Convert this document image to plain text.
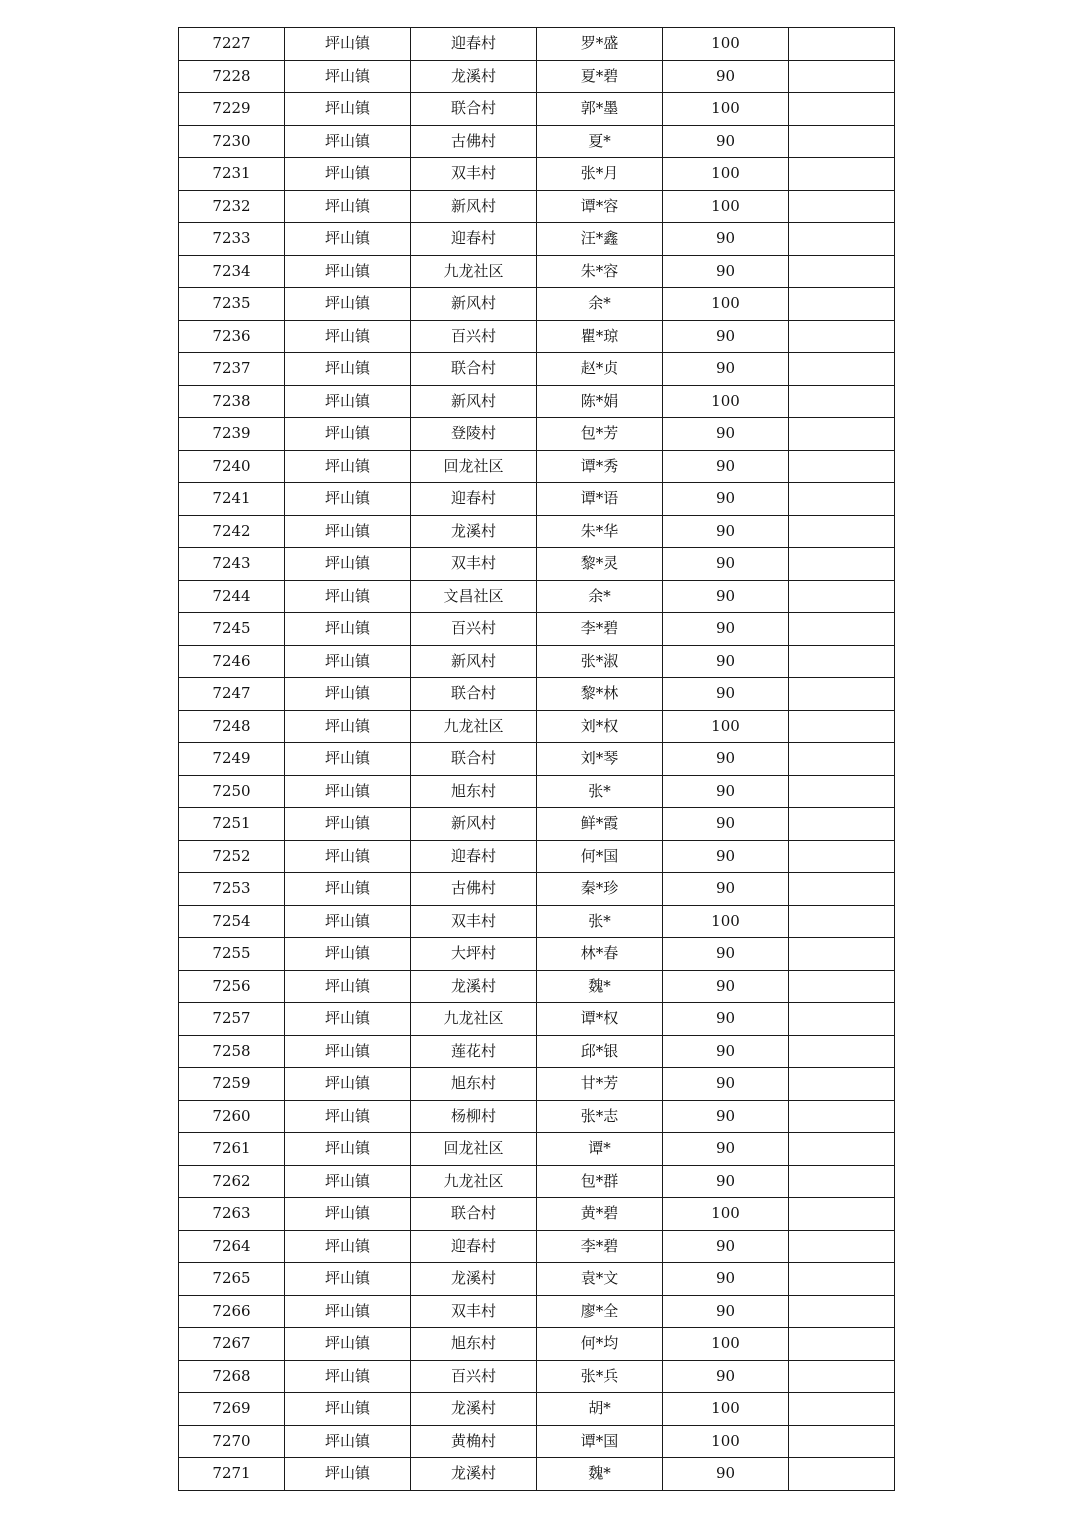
7227	坪山镇	迎春村	罗*盛	100	
7228	坪山镇	龙溪村	夏*碧	90	
7229	坪山镇	联合村	郭*墨	100	
7230	坪山镇	古佛村	夏*	90	
7231	坪山镇	双丰村	张*月	100	
7232	坪山镇	新风村	谭*容	100	
7233	坪山镇	迎春村	汪*鑫	90	
7234	坪山镇	九龙社区	朱*容	90	
7235	坪山镇	新风村	余*	100	
7236	坪山镇	百兴村	瞿*琼	90	
7237	坪山镇	联合村	赵*贞	90	
7238	坪山镇	新风村	陈*娟	100	
7239	坪山镇	登陵村	包*芳	90	
7240	坪山镇	回龙社区	谭*秀	90	
7241	坪山镇	迎春村	谭*语	90	
7242	坪山镇	龙溪村	朱*华	90	
7243	坪山镇	双丰村	黎*灵	90	
7244	坪山镇	文昌社区	余*	90	
7245	坪山镇	百兴村	李*碧	90	
7246	坪山镇	新风村	张*淑	90	
7247	坪山镇	联合村	黎*林	90	
7248	坪山镇	九龙社区	刘*权	100	
7249	坪山镇	联合村	刘*琴	90	
7250	坪山镇	旭东村	张*	90	
7251	坪山镇	新风村	鲜*霞	90	
7252	坪山镇	迎春村	何*国	90	
7253	坪山镇	古佛村	秦*珍	90	
7254	坪山镇	双丰村	张*	100	
7255	坪山镇	大坪村	林*春	90	
7256	坪山镇	龙溪村	魏*	90	
7257	坪山镇	九龙社区	谭*权	90	
7258	坪山镇	莲花村	邱*银	90	
7259	坪山镇	旭东村	甘*芳	90	
7260	坪山镇	杨柳村	张*志	90	
7261	坪山镇	回龙社区	谭*	90	
7262	坪山镇	九龙社区	包*群	90	
7263	坪山镇	联合村	黄*碧	100	
7264	坪山镇	迎春村	李*碧	90	
7265	坪山镇	龙溪村	袁*文	90	
7266	坪山镇	双丰村	廖*全	90	
7267	坪山镇	旭东村	何*均	100	
7268	坪山镇	百兴村	张*兵	90	
7269	坪山镇	龙溪村	胡*	100	
7270	坪山镇	黄桷村	谭*国	100	
7271	坪山镇	龙溪村	魏*	90	
